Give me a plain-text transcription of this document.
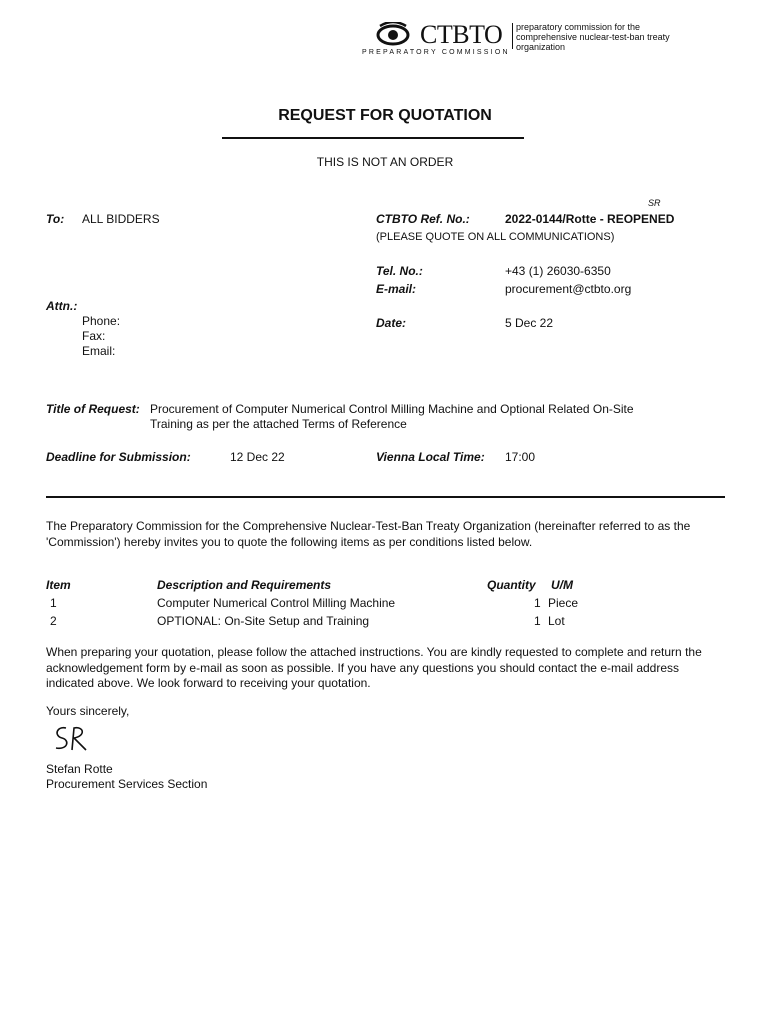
CTBTO
PREPARATORY COMMISSION
preparatory commission for the comprehensive nuclear-test-ban treaty organization
REQUEST FOR QUOTATION
THIS IS NOT AN ORDER
SR
To: ALL BIDDERS
Attn.:
Phone:
Fax:
Email:
CTBTO Ref. No.:	2022-0144/Rotte - REOPENED
(PLEASE QUOTE ON ALL COMMUNICATIONS)
Tel. No.:	+43 (1) 26030-6350
E-mail:	procurement@ctbto.org
Date:	5 Dec 22
Title of Request: Procurement of Computer Numerical Control Milling Machine and Optional Related On-Site
Training as per the attached Terms of Reference
Deadline for Submission:	12 Dec 22	Vienna Local Time: 17:00
The Preparatory Commission for the Comprehensive Nuclear-Test-Ban Treaty Organization (hereinafter referred to as the 'Commission') hereby invites you to quote the following items as per conditions listed below.
Item	Description and Requirements	Quantity U/M
1	Computer Numerical Control Milling Machine	1 Piece
2	OPTIONAL: On-Site Setup and Training	1 Lot
When preparing your quotation, please follow the attached instructions. You are kindly requested to complete and return the acknowledgement form by e-mail as soon as possible. If you have any questions you should contact the e-mail address indicated above. We look forward to receiving your quotation.
Yours sincerely,
Stefan Rotte
Procurement Services Section
